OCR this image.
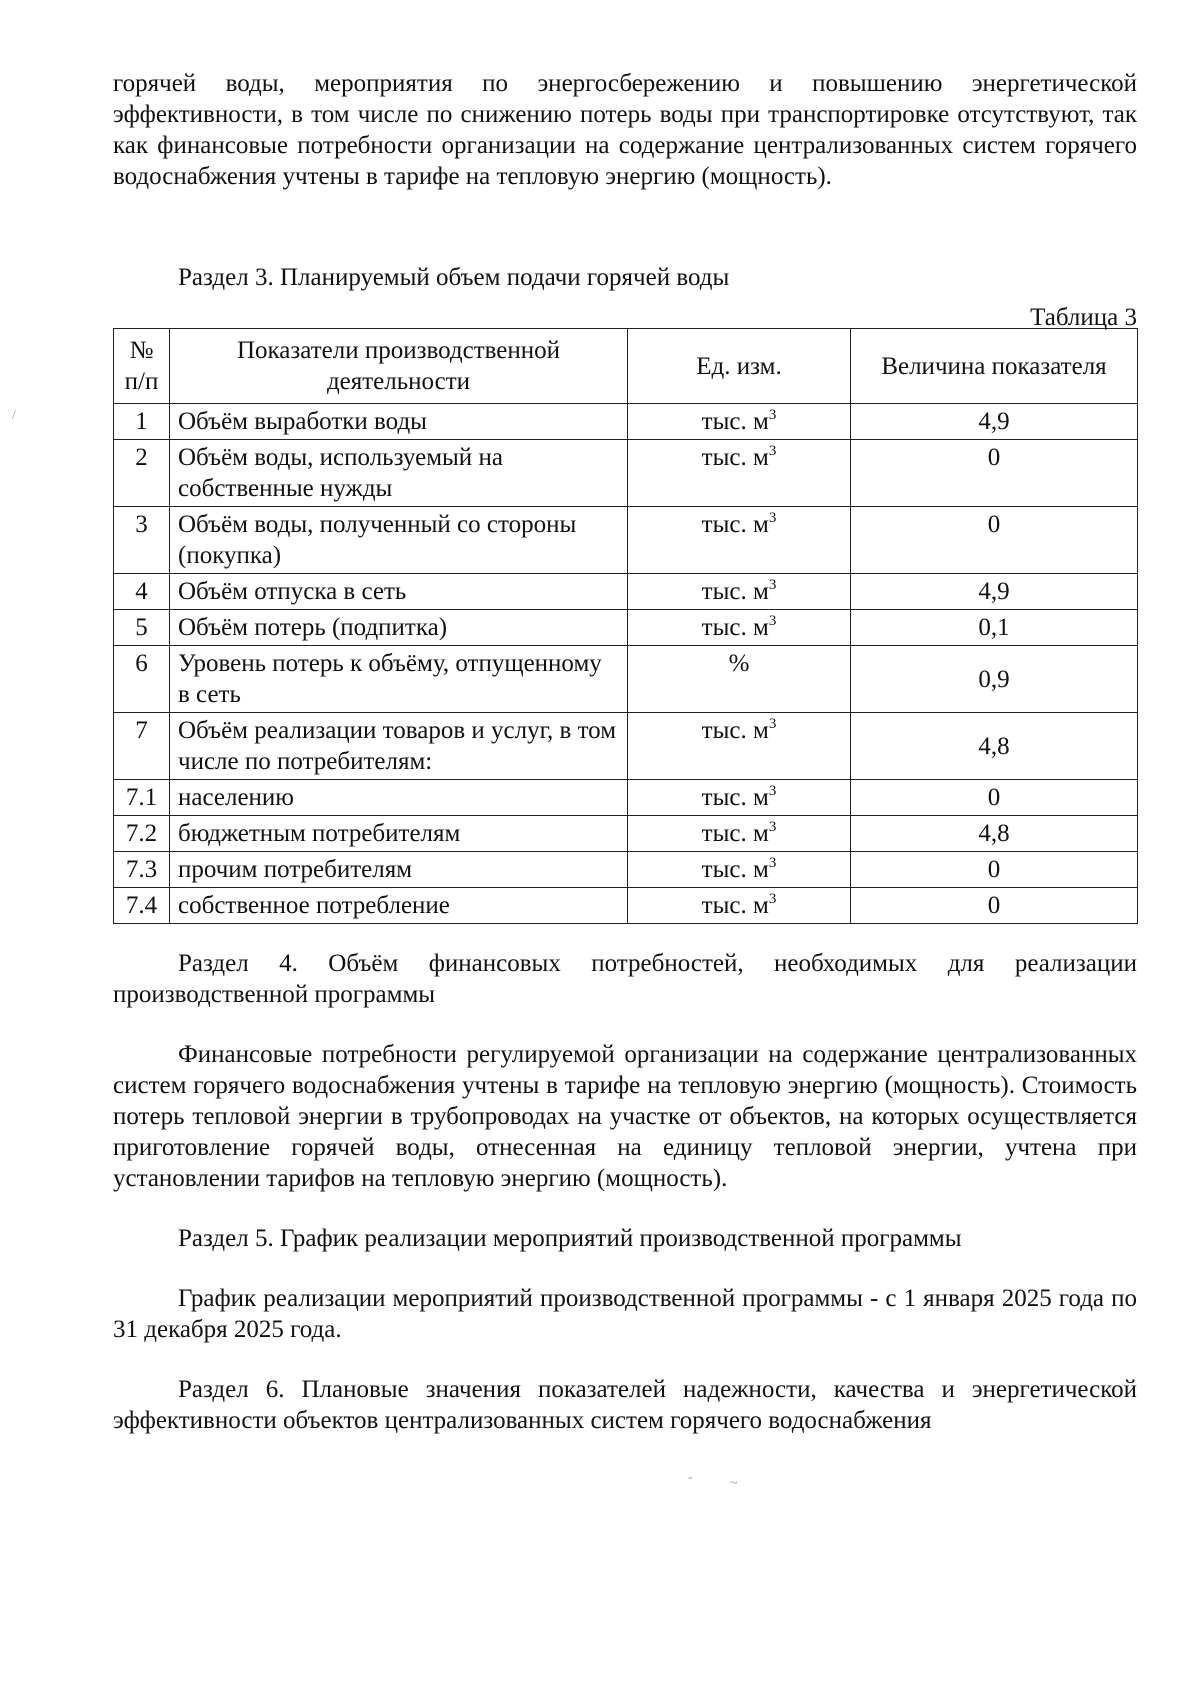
горячей воды, мероприятия по энергосбережению и повышению энергетической эффективности, в том числе по снижению потерь воды при транспортировке отсутствуют, так как финансовые потребности организации на содержание централизованных систем горячего водоснабжения учтены в тарифе на тепловую энергию (мощность).

Раздел 3. Планируемый объем подачи горячей воды

Таблица 3

№ п/п	Показатели производственной деятельности	Ед. изм.	Величина показателя
1	Объём выработки воды	тыс. $м^3$	4,9
2	Объём воды, используемый на собственные нужды	тыс. $м^3$	0
3	Объём воды, полученный со стороны (покупка)	тыс. $м^3$	0
4	Объём отпуска в сеть	тыс. $м^3$	4,9
5	Объём потерь (подпитка)	тыс. $м^3$	0,1
6	Уровень потерь к объёму, отпущенному в сеть	%	0,9
7	Объём реализации товаров и услуг, в том числе по потребителям:	тыс. $м^3$	4,8
7.1	населению	тыс. $м^3$	0
7.2	бюджетным потребителям	тыс. $м^3$	4,8
7.3	прочим потребителям	тыс. $м^3$	0
7.4	собственное потребление	тыс. $м^3$	0

Раздел 4. Объём финансовых потребностей, необходимых для реализации производственной программы

Финансовые потребности регулируемой организации на содержание централизованных систем горячего водоснабжения учтены в тарифе на тепловую энергию (мощность). Стоимость потерь тепловой энергии в трубопроводах на участке от объектов, на которых осуществляется приготовление горячей воды, отнесенная на единицу тепловой энергии, учтена при установлении тарифов на тепловую энергию (мощность).

Раздел 5. График реализации мероприятий производственной программы

График реализации мероприятий производственной программы - с 1 января 2025 года по 31 декабря 2025 года.

Раздел 6. Плановые значения показателей надежности, качества и энергетической эффективности объектов централизованных систем горячего водоснабжения

/
-	~
